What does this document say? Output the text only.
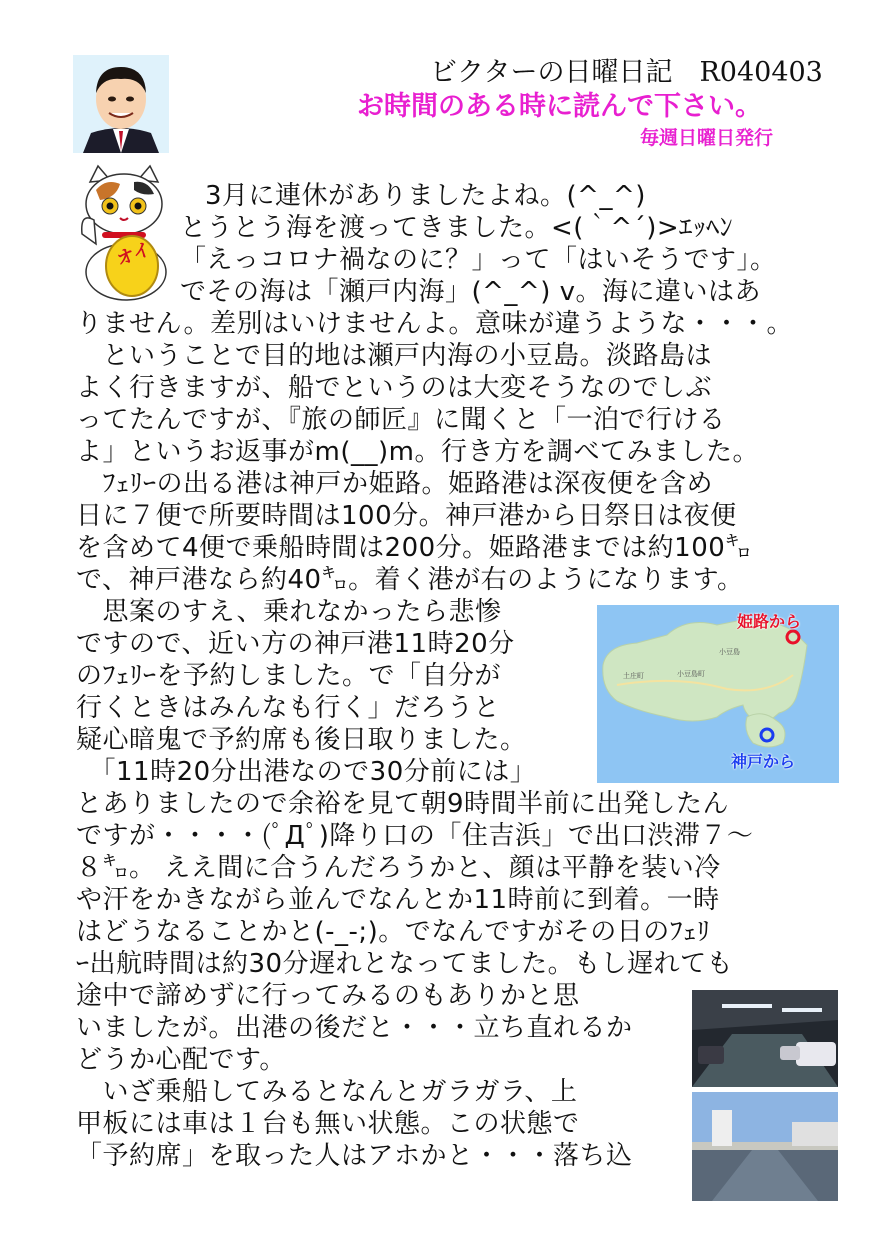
ビクターの日曜日記　R040403
お時間のある時に読んで下さい。
毎週日曜日発行
オイ
姫路から
神戸から
土庄町	小豆島町
小豆島
3月に連休がありましたよね。(^_^)
とうとう海を渡ってきました。<(｀^´)>ｴｯﾍﾝ
「えっコロナ禍なのに？」って「はいそうです」。
でその海は「瀬戸内海」(^_^) v。海に違いはあ
りません。差別はいけませんよ。意味が違うような・・・。
　ということで目的地は瀬戸内海の小豆島。淡路島は
よく行きますが、船でというのは大変そうなのでしぶ
ってたんですが、『旅の師匠』に聞くと「一泊で行ける
よ」というお返事がm(__)m。行き方を調べてみました。
　ﾌｪﾘｰの出る港は神戸か姫路。姫路港は深夜便を含め
日に７便で所要時間は100分。神戸港から日祭日は夜便
を含めて4便で乗船時間は200分。姫路港までは約100㌔
で、神戸港なら約40㌔。着く港が右のようになります。
　思案のすえ、乗れなかったら悲惨
ですので、近い方の神戸港11時20分
のﾌｪﾘｰを予約しました。で「自分が
行くときはみんなも行く」だろうと
疑心暗鬼で予約席も後日取りました。
　「11時20分出港なので30分前には」
とありましたので余裕を見て朝9時間半前に出発したん
ですが・・・・(ﾟДﾟ)降り口の「住吉浜」で出口渋滞７～
８㌔。 ええ間に合うんだろうかと、顔は平静を装い冷
や汗をかきながら並んでなんとか11時前に到着。一時
はどうなることかと(-_-;)。でなんですがその日のﾌｪﾘ
ｰ出航時間は約30分遅れとなってました。もし遅れても
途中で諦めずに行ってみるのもありかと思
いましたが。出港の後だと・・・立ち直れるか
どうか心配です。
　いざ乗船してみるとなんとガラガラ、上
甲板には車は１台も無い状態。この状態で
「予約席」を取った人はアホかと・・・落ち込
